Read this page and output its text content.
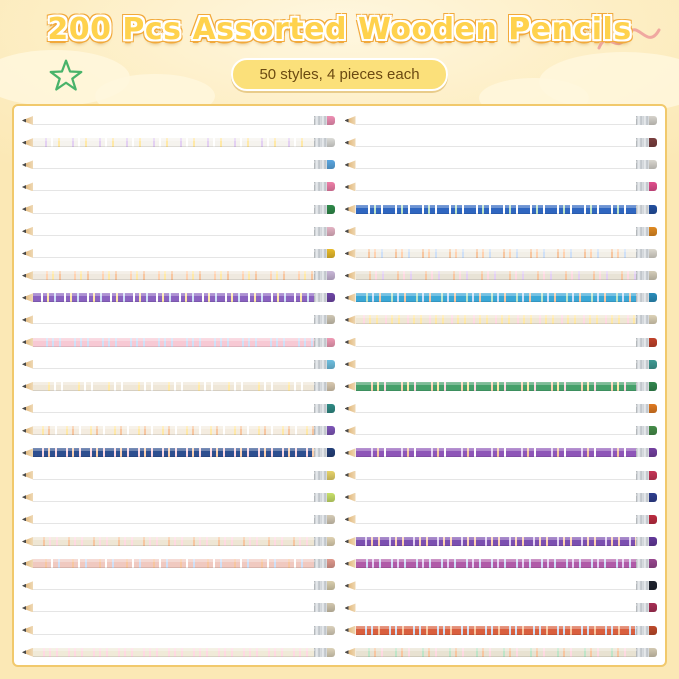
200 Pcs Assorted Wooden Pencils
50 styles, 4 pieces each
